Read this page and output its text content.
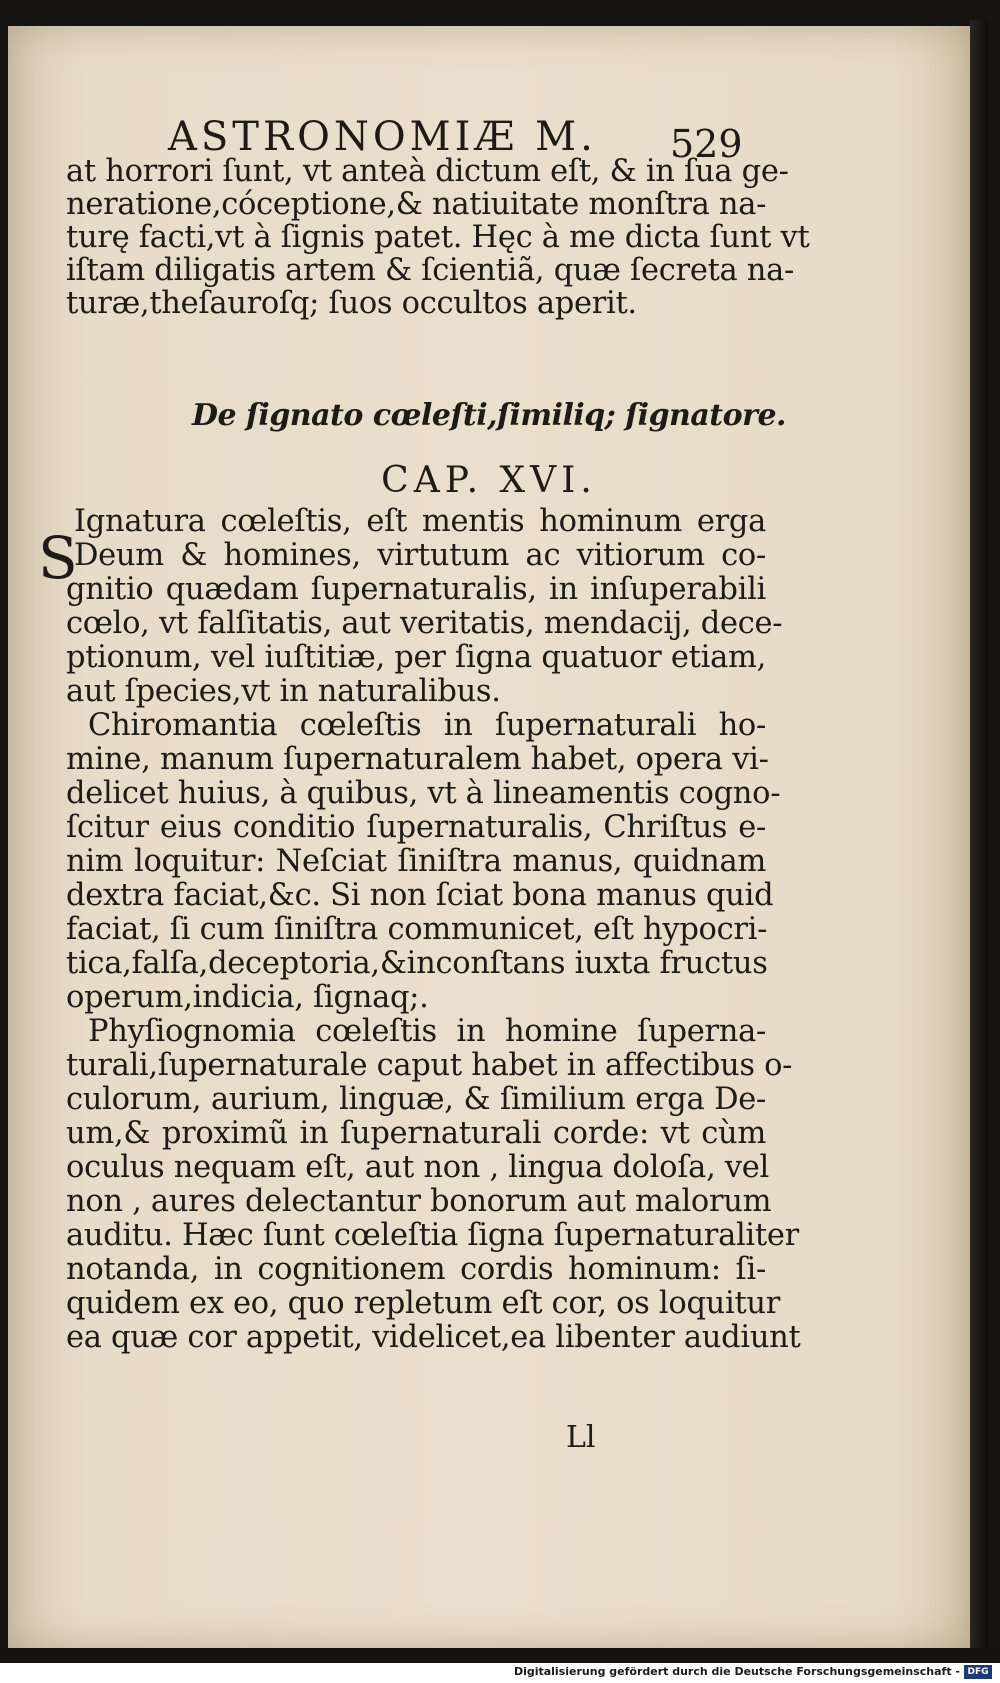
ASTRONOMIÆ M. 529
at horrori ſunt, vt anteà dictum eſt, & in ſua ge-
neratione,cóceptione,& natiuitate monſtra na-
turę facti,vt à ſignis patet. Hęc à me dicta ſunt vt
iſtam diligatis artem & ſcientiã, quæ ſecreta na-
turæ,theſauroſq; ſuos occultos aperit.
De ſignato cœleſti,ſimiliq; ſignatore.
CAP. XVI.
S
Ignatura cœleſtis, eſt mentis hominum erga
Deum & homines, virtutum ac vitiorum co-
gnitio quædam ſupernaturalis, in inſuperabili
cœlo, vt falſitatis, aut veritatis, mendacij, dece-
ptionum, vel iuſtitiæ, per ſigna quatuor etiam,
aut ſpecies,vt in naturalibus.
Chiromantia cœleſtis in ſupernaturali ho-
mine, manum ſupernaturalem habet, opera vi-
delicet huius, à quibus, vt à lineamentis cogno-
ſcitur eius conditio ſupernaturalis, Chriſtus e-
nim loquitur: Neſciat ſiniſtra manus, quidnam
dextra faciat,&c. Si non ſciat bona manus quid
faciat, ſi cum ſiniſtra communicet, eſt hypocri-
tica,falſa,deceptoria,&inconſtans iuxta fructus
operum,indicia, ſignaq;.
Phyſiognomia cœleſtis in homine ſuperna-
turali,ſupernaturale caput habet in affectibus o-
culorum, aurium, linguæ, & ſimilium erga De-
um,& proximũ in ſupernaturali corde: vt cùm
oculus nequam eſt, aut non , lingua doloſa, vel
non , aures delectantur bonorum aut malorum
auditu. Hæc ſunt cœleſtia ſigna ſupernaturaliter
notanda, in cognitionem cordis hominum: ſi-
quidem ex eo, quo repletum eſt cor, os loquitur
ea quæ cor appetit, videlicet,ea libenter audiunt
Ll
Digitalisierung gefördert durch die Deutsche Forschungsgemeinschaft - DFG
